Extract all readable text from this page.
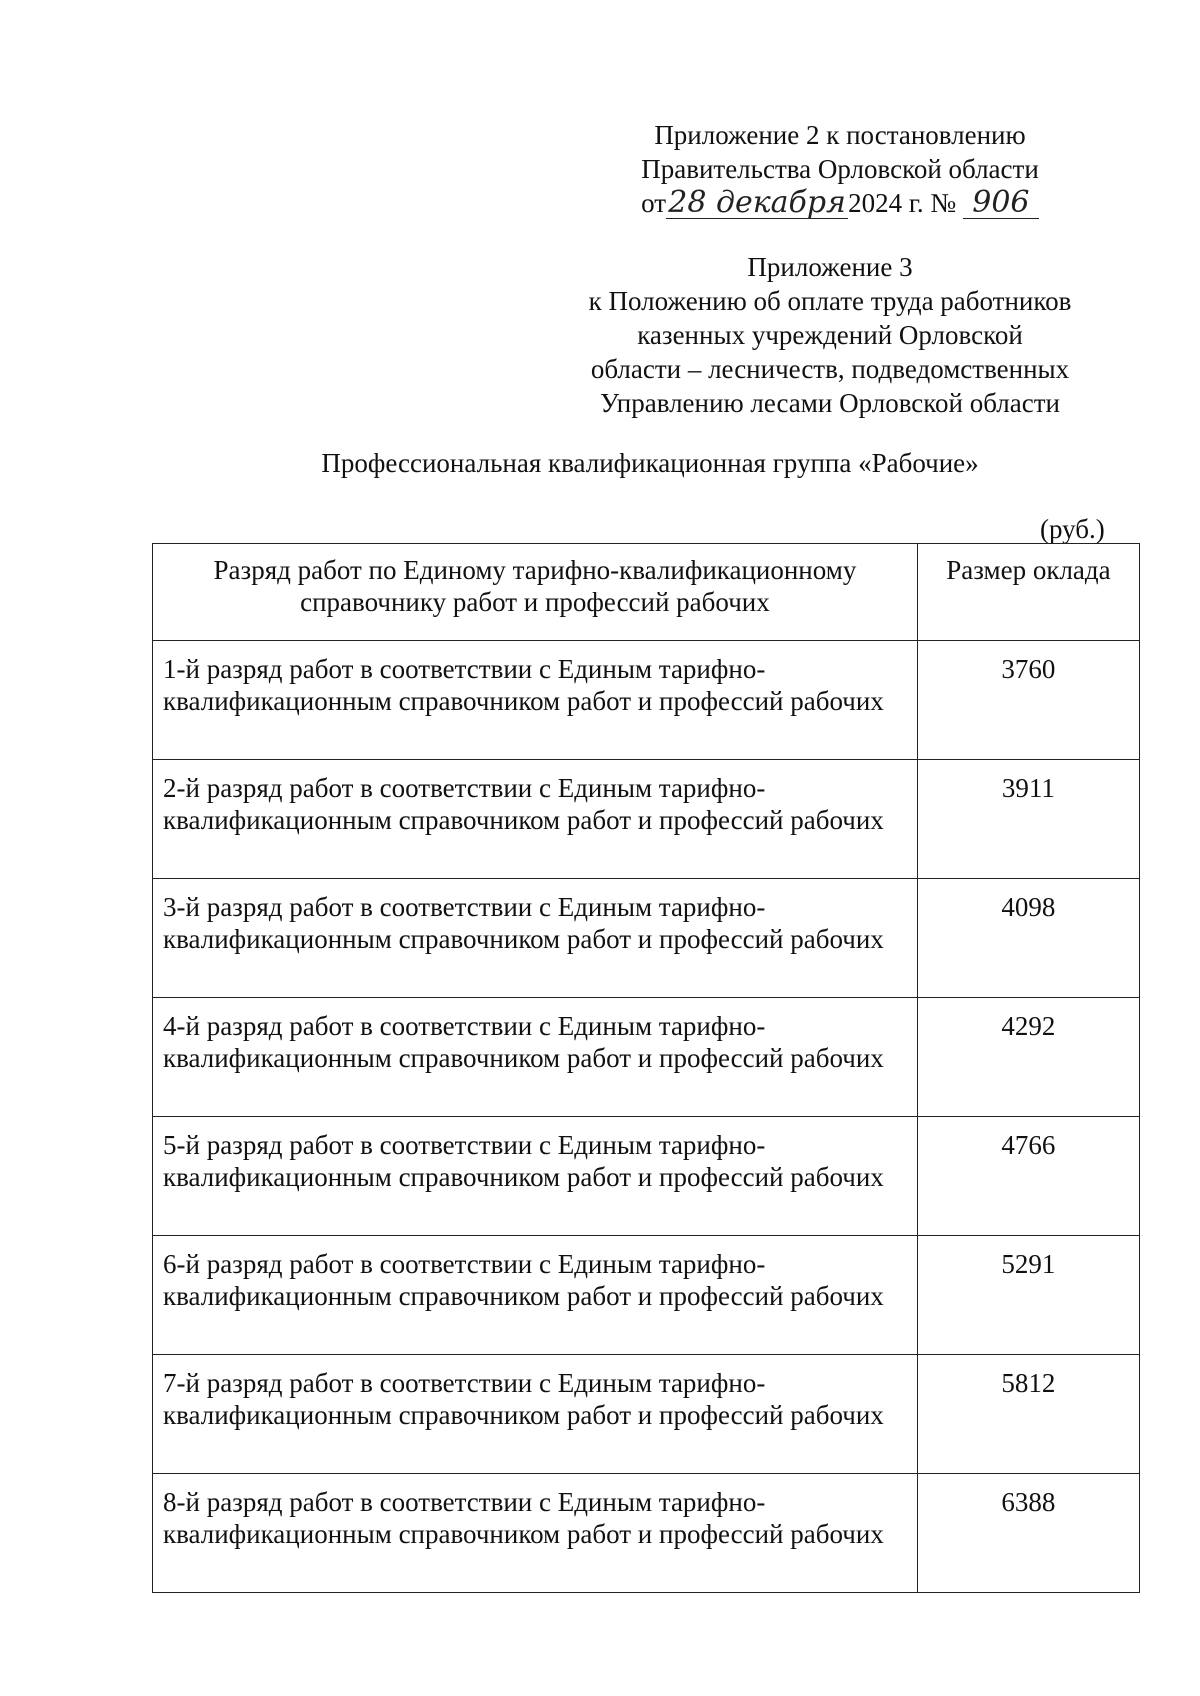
Приложение 2 к постановлению
Правительства Орловской области
от28 декабря2024 г. № 906
Приложение 3
к Положению об оплате труда работников
казенных учреждений Орловской
области – лесничеств, подведомственных
Управлению лесами Орловской области
Профессиональная квалификационная группа «Рабочие»
(руб.)
Разряд работ по Единому тарифно-квалификационному справочнику работ и профессий рабочих	Размер оклада
1-й разряд работ в соответствии с Единым тарифно-квалификационным справочником работ и профессий рабочих	3760
2-й разряд работ в соответствии с Единым тарифно-квалификационным справочником работ и профессий рабочих	3911
3-й разряд работ в соответствии с Единым тарифно-квалификационным справочником работ и профессий рабочих	4098
4-й разряд работ в соответствии с Единым тарифно-квалификационным справочником работ и профессий рабочих	4292
5-й разряд работ в соответствии с Единым тарифно-квалификационным справочником работ и профессий рабочих	4766
6-й разряд работ в соответствии с Единым тарифно-квалификационным справочником работ и профессий рабочих	5291
7-й разряд работ в соответствии с Единым тарифно-квалификационным справочником работ и профессий рабочих	5812
8-й разряд работ в соответствии с Единым тарифно-квалификационным справочником работ и профессий рабочих	6388
